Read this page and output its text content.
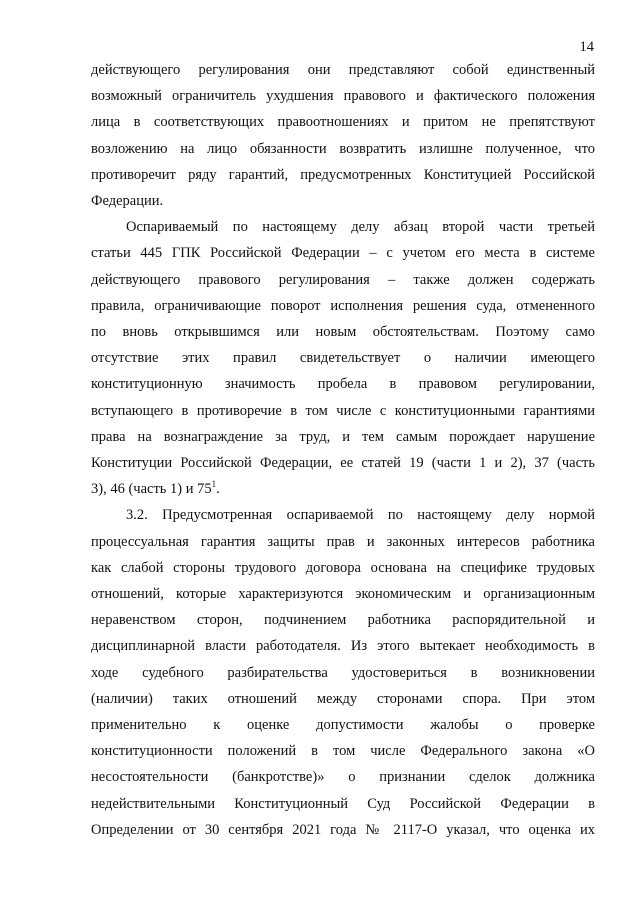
14
действующего регулирования они представляют собой единственный
возможный ограничитель ухудшения правового и фактического положения
лица в соответствующих правоотношениях и притом не препятствуют
возложению на лицо обязанности возвратить излишне полученное, что
противоречит ряду гарантий, предусмотренных Конституцией Российской
Федерации.
Оспариваемый по настоящему делу абзац второй части третьей
статьи 445 ГПК Российской Федерации – с учетом его места в системе
действующего правового регулирования – также должен содержать
правила, ограничивающие поворот исполнения решения суда, отмененного
по вновь открывшимся или новым обстоятельствам. Поэтому само
отсутствие этих правил свидетельствует о наличии имеющего
конституционную значимость пробела в правовом регулировании,
вступающего в противоречие в том числе с конституционными гарантиями
права на вознаграждение за труд, и тем самым порождает нарушение
Конституции Российской Федерации, ее статей 19 (части 1 и 2), 37 (часть
3), 46 (часть 1) и $75^1$.
3.2. Предусмотренная оспариваемой по настоящему делу нормой
процессуальная гарантия защиты прав и законных интересов работника
как слабой стороны трудового договора основана на специфике трудовых
отношений, которые характеризуются экономическим и организационным
неравенством сторон, подчинением работника распорядительной и
дисциплинарной власти работодателя. Из этого вытекает необходимость в
ходе судебного разбирательства удостовериться в возникновении
(наличии) таких отношений между сторонами спора. При этом
применительно к оценке допустимости жалобы о проверке
конституционности положений в том числе Федерального закона «О
несостоятельности (банкротстве)» о признании сделок должника
недействительными Конституционный Суд Российской Федерации в
Определении от 30 сентября 2021 года № 2117-О указал, что оценка их
